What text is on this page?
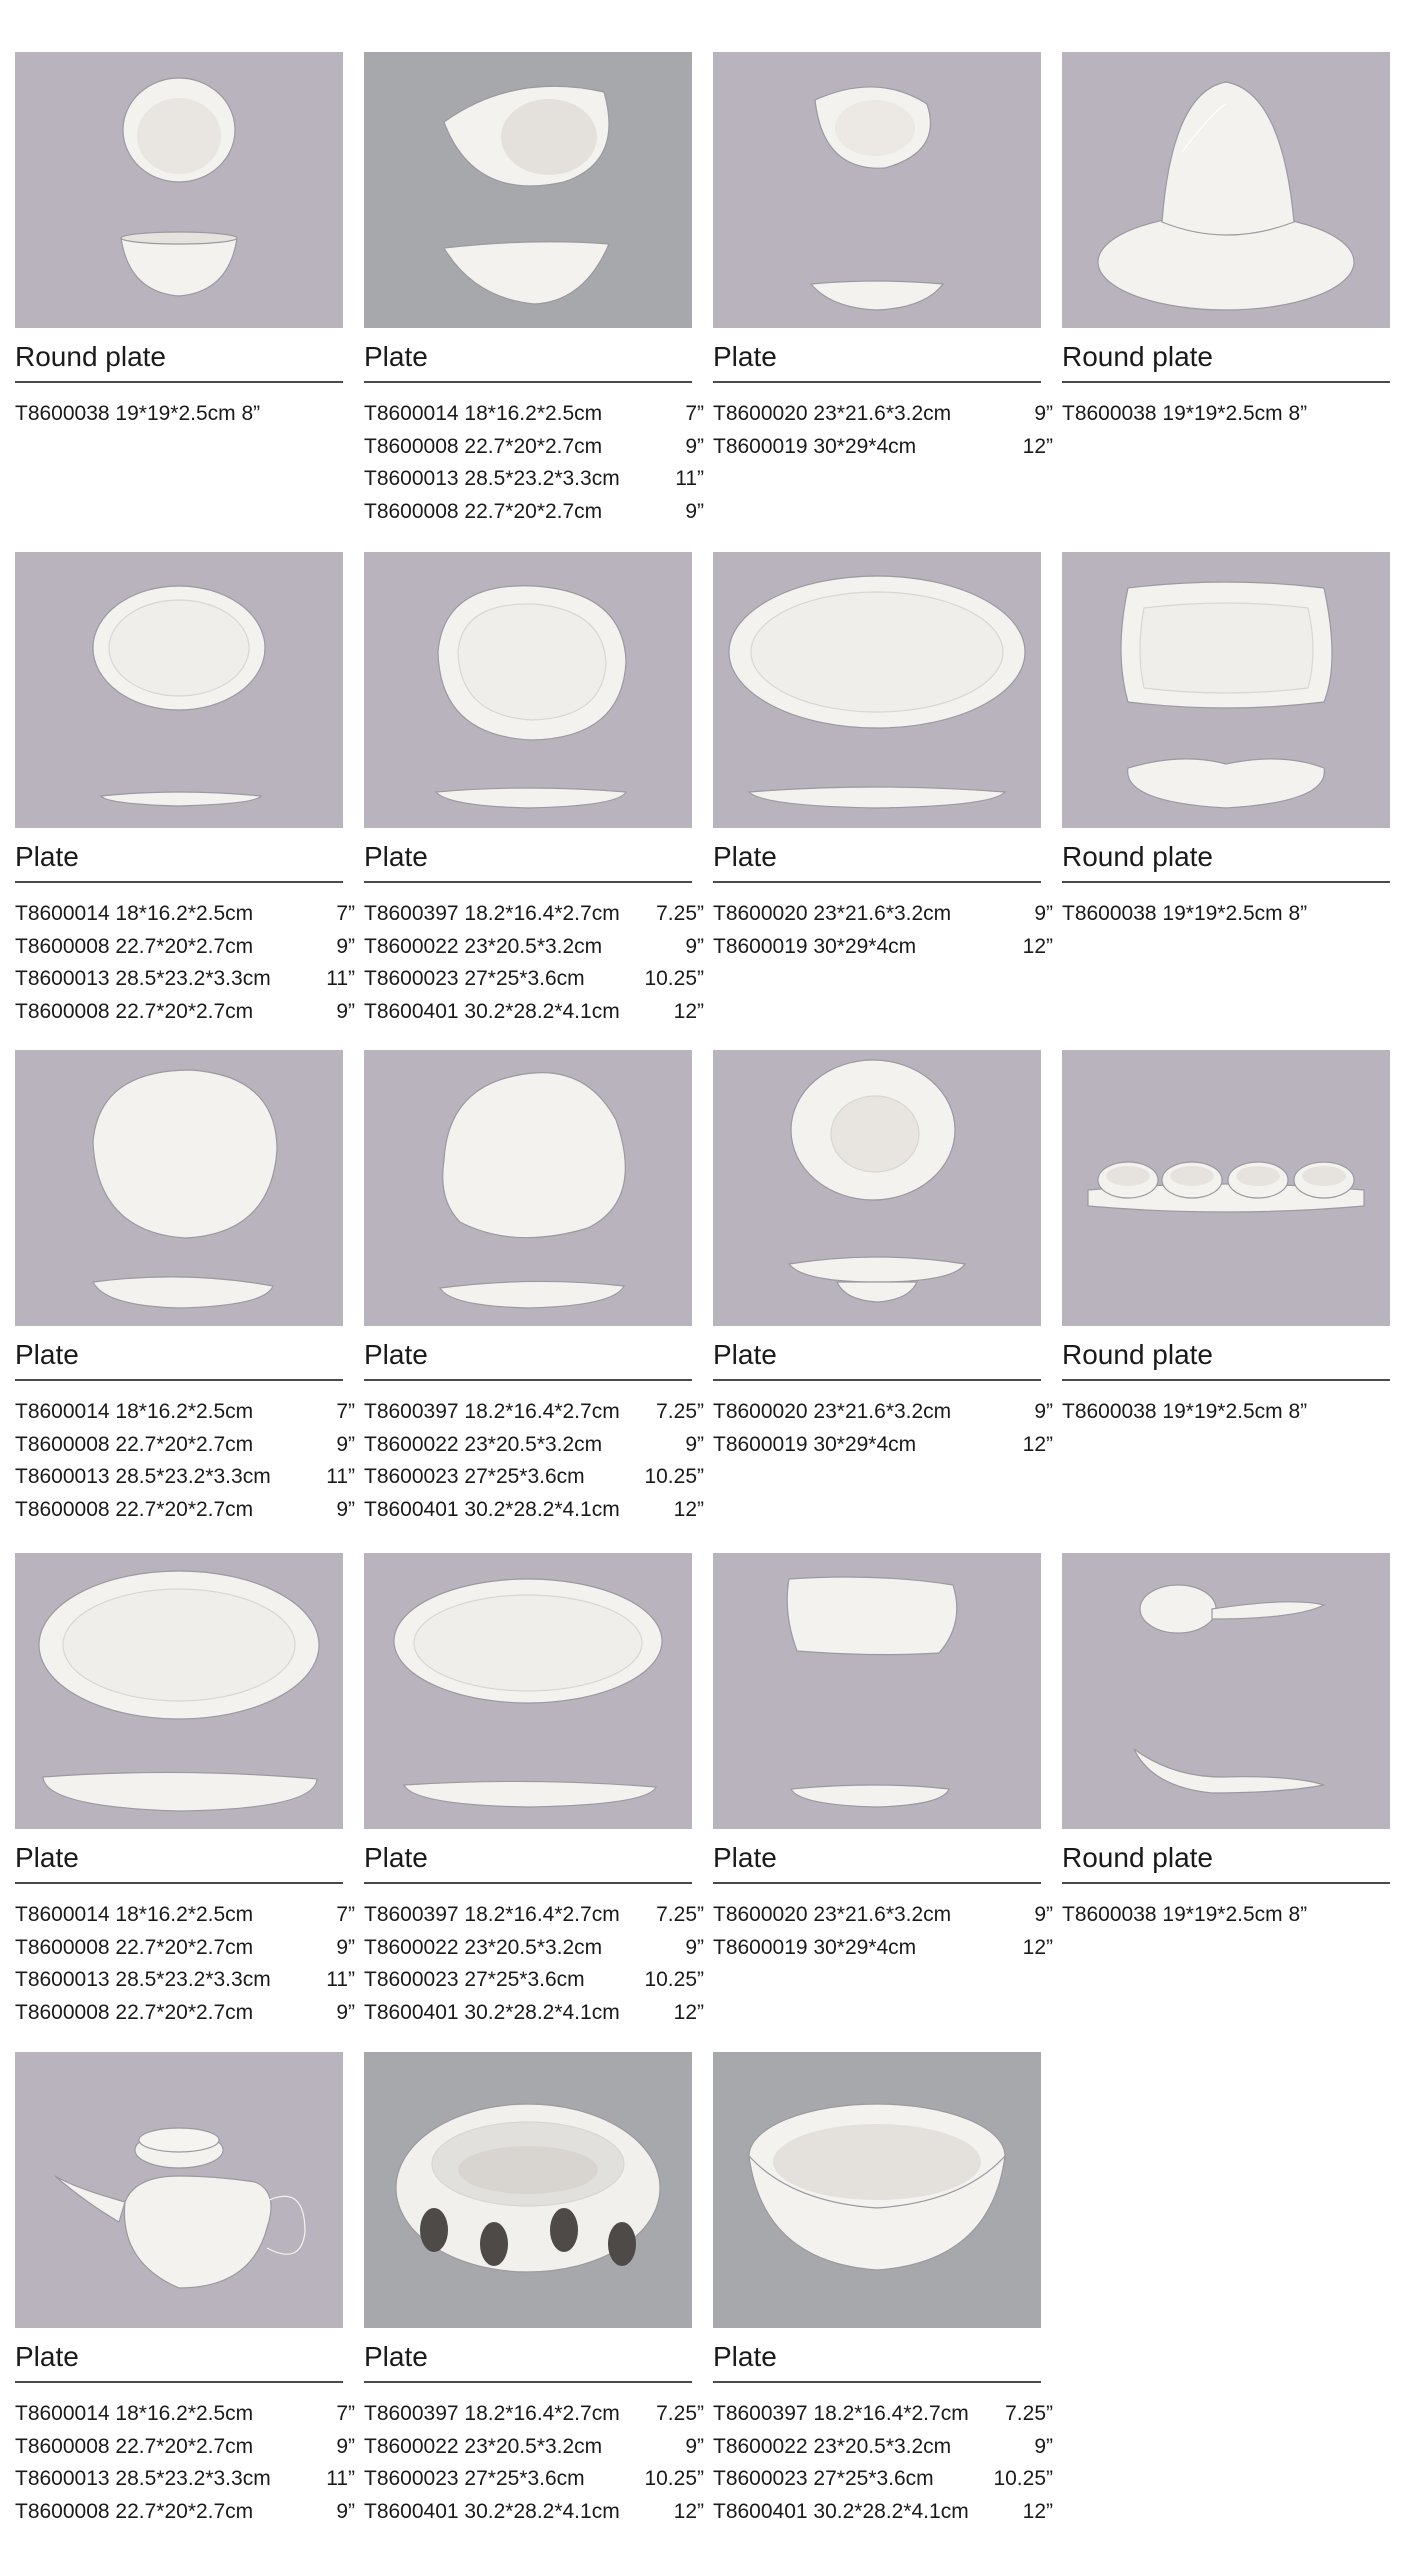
Round plate
T8600038 19*19*2.5cm 8”
Plate
T8600014 18*16.2*2.5cm	7”
T8600008 22.7*20*2.7cm	9”
T8600013 28.5*23.2*3.3cm	11”
T8600008 22.7*20*2.7cm	9”
Plate
T8600020 23*21.6*3.2cm	9”
T8600019 30*29*4cm	12”
Round plate
T8600038 19*19*2.5cm 8”
Plate
T8600014 18*16.2*2.5cm	7”
T8600008 22.7*20*2.7cm	9”
T8600013 28.5*23.2*3.3cm	11”
T8600008 22.7*20*2.7cm	9”
Plate
T8600397 18.2*16.4*2.7cm 7.25”
T8600022 23*20.5*3.2cm	9”
T8600023 27*25*3.6cm	10.25”
T8600401 30.2*28.2*4.1cm	12”
Plate
T8600020 23*21.6*3.2cm	9”
T8600019 30*29*4cm	12”
Round plate
T8600038 19*19*2.5cm 8”
Plate
T8600014 18*16.2*2.5cm	7”
T8600008 22.7*20*2.7cm	9”
T8600013 28.5*23.2*3.3cm	11”
T8600008 22.7*20*2.7cm	9”
Plate
T8600397 18.2*16.4*2.7cm 7.25”
T8600022 23*20.5*3.2cm	9”
T8600023 27*25*3.6cm	10.25”
T8600401 30.2*28.2*4.1cm	12”
Plate
T8600020 23*21.6*3.2cm	9”
T8600019 30*29*4cm	12”
Round plate
T8600038 19*19*2.5cm 8”
Plate
T8600014 18*16.2*2.5cm	7”
T8600008 22.7*20*2.7cm	9”
T8600013 28.5*23.2*3.3cm	11”
T8600008 22.7*20*2.7cm	9”
Plate
T8600397 18.2*16.4*2.7cm 7.25”
T8600022 23*20.5*3.2cm	9”
T8600023 27*25*3.6cm	10.25”
T8600401 30.2*28.2*4.1cm	12”
Plate
T8600020 23*21.6*3.2cm	9”
T8600019 30*29*4cm	12”
Round plate
T8600038 19*19*2.5cm 8”
Plate
T8600014 18*16.2*2.5cm	7”
T8600008 22.7*20*2.7cm	9”
T8600013 28.5*23.2*3.3cm	11”
T8600008 22.7*20*2.7cm	9”
Plate
T8600397 18.2*16.4*2.7cm 7.25”
T8600022 23*20.5*3.2cm	9”
T8600023 27*25*3.6cm	10.25”
T8600401 30.2*28.2*4.1cm	12”
Plate
T8600397 18.2*16.4*2.7cm 7.25”
T8600022 23*20.5*3.2cm	9”
T8600023 27*25*3.6cm	10.25”
T8600401 30.2*28.2*4.1cm	12”
